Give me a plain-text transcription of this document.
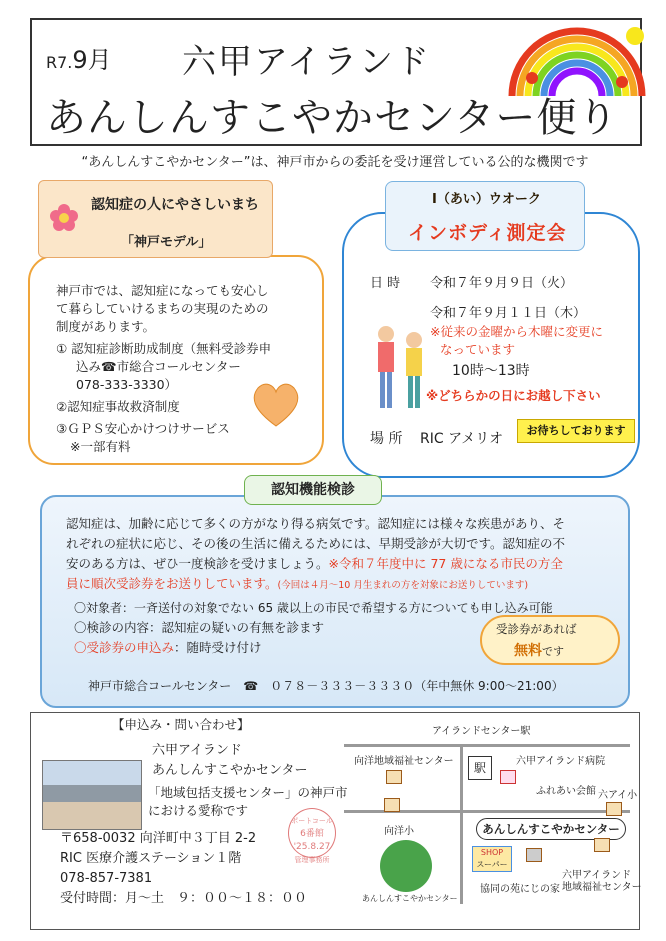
R7.9月 六甲アイランド
あんしんすこやかセンター便り
“あんしんすこやかセンター”は、神戸市からの委託を受け運営している公的な機関です
認知症の人にやさしいまち
「神戸モデル」
神戸市では、認知症になっても安心し
て暮らしていけるまちの実現のための
制度があります。
① 認知症診断助成制度（無料受診券申
込み☎市総合コールセンター
078-333-3330）
②認知症事故救済制度
③ＧＰＳ安心かけつけサービス
※一部有料
I（あい）ウオーク
インボディ測定会
日 時 令和７年９月９日（火）
令和７年９月１１日（木）
※従来の金曜から木曜に変更に
なっています
10時～13時
※どちらかの日にお越し下さい
場 所 RIC アメリオ
お待ちしております
認知機能検診
認知症は、加齢に応じて多くの方がなり得る病気です。認知症には様々な疾患があり、そ
れぞれの症状に応じ、その後の生活に備えるためには、早期受診が大切です。認知症の不
安のある方は、ぜひ一度検診を受けましょう。※令和７年度中に 77 歳になる市民の方全
員に順次受診券をお送りしています。(今回は４月～10 月生まれの方を対象にお送りしています)
〇対象者：一斉送付の対象でない 65 歳以上の市民で希望する方についても申し込み可能
〇検診の内容：認知症の疑いの有無を診ます
〇受診券の申込み：随時受け付け
受診券があれば
無料です
神戸市総合コールセンター　☎　０７８－３３３－３３３０（年中無休 9:00～21:00）
【申込み・問い合わせ】
六甲アイランド
あんしんすこやかセンター
「地域包括支援センター」の神戸市
における愛称です
〒658-0032 向洋町中３丁目 2-2
RIC 医療介護ステーション１階
078-857-7381
受付時間：月～土　９：００～１８：００
ポートコール
6番館
'25.8.27
管理事務所
アイランドセンター駅
向洋地域福祉センター	駅	六甲アイランド病院
ふれあい会館 六アイ小
向洋小	あんしんすこやかセンター
SHOP
スーパー
協同の苑にじの家
六甲アイランド
地域福祉センター
あんしんすこやかセンター
